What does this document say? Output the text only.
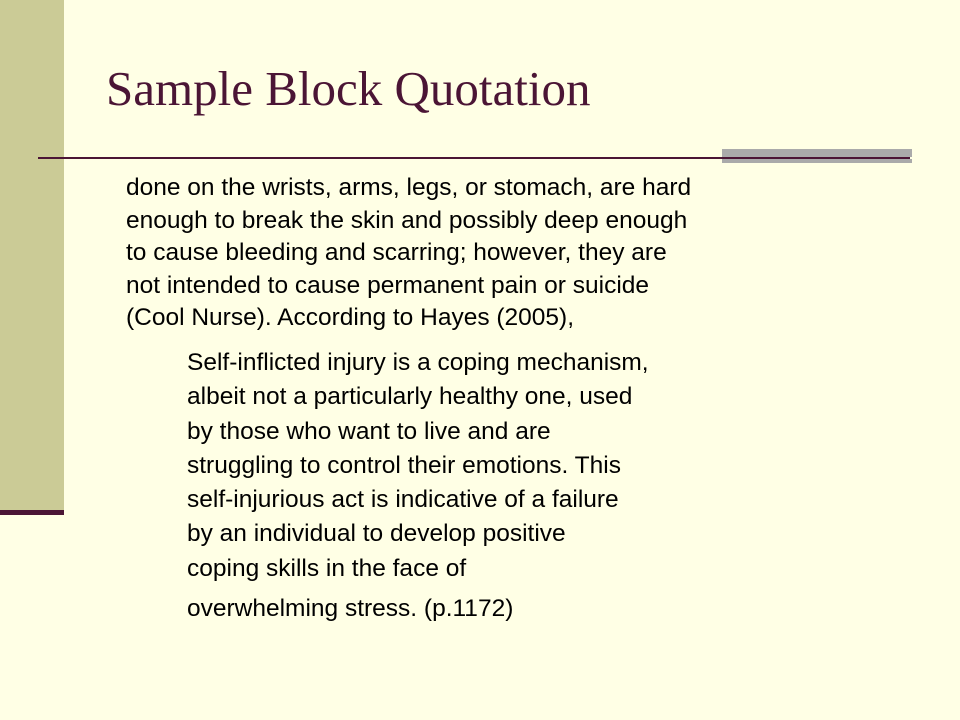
Sample Block Quotation
done on the wrists, arms, legs, or stomach, are hard
enough to break the skin and possibly deep enough
to cause bleeding and scarring; however, they are
not intended to cause permanent pain or suicide
(Cool Nurse). According to Hayes (2005),
Self-inflicted injury is a coping mechanism,
albeit not a particularly healthy one, used
by those who want to live and are
struggling to control their emotions. This
self-injurious act is indicative of a failure
by an individual to develop positive
coping skills in the face of
overwhelming stress. (p.1172)
